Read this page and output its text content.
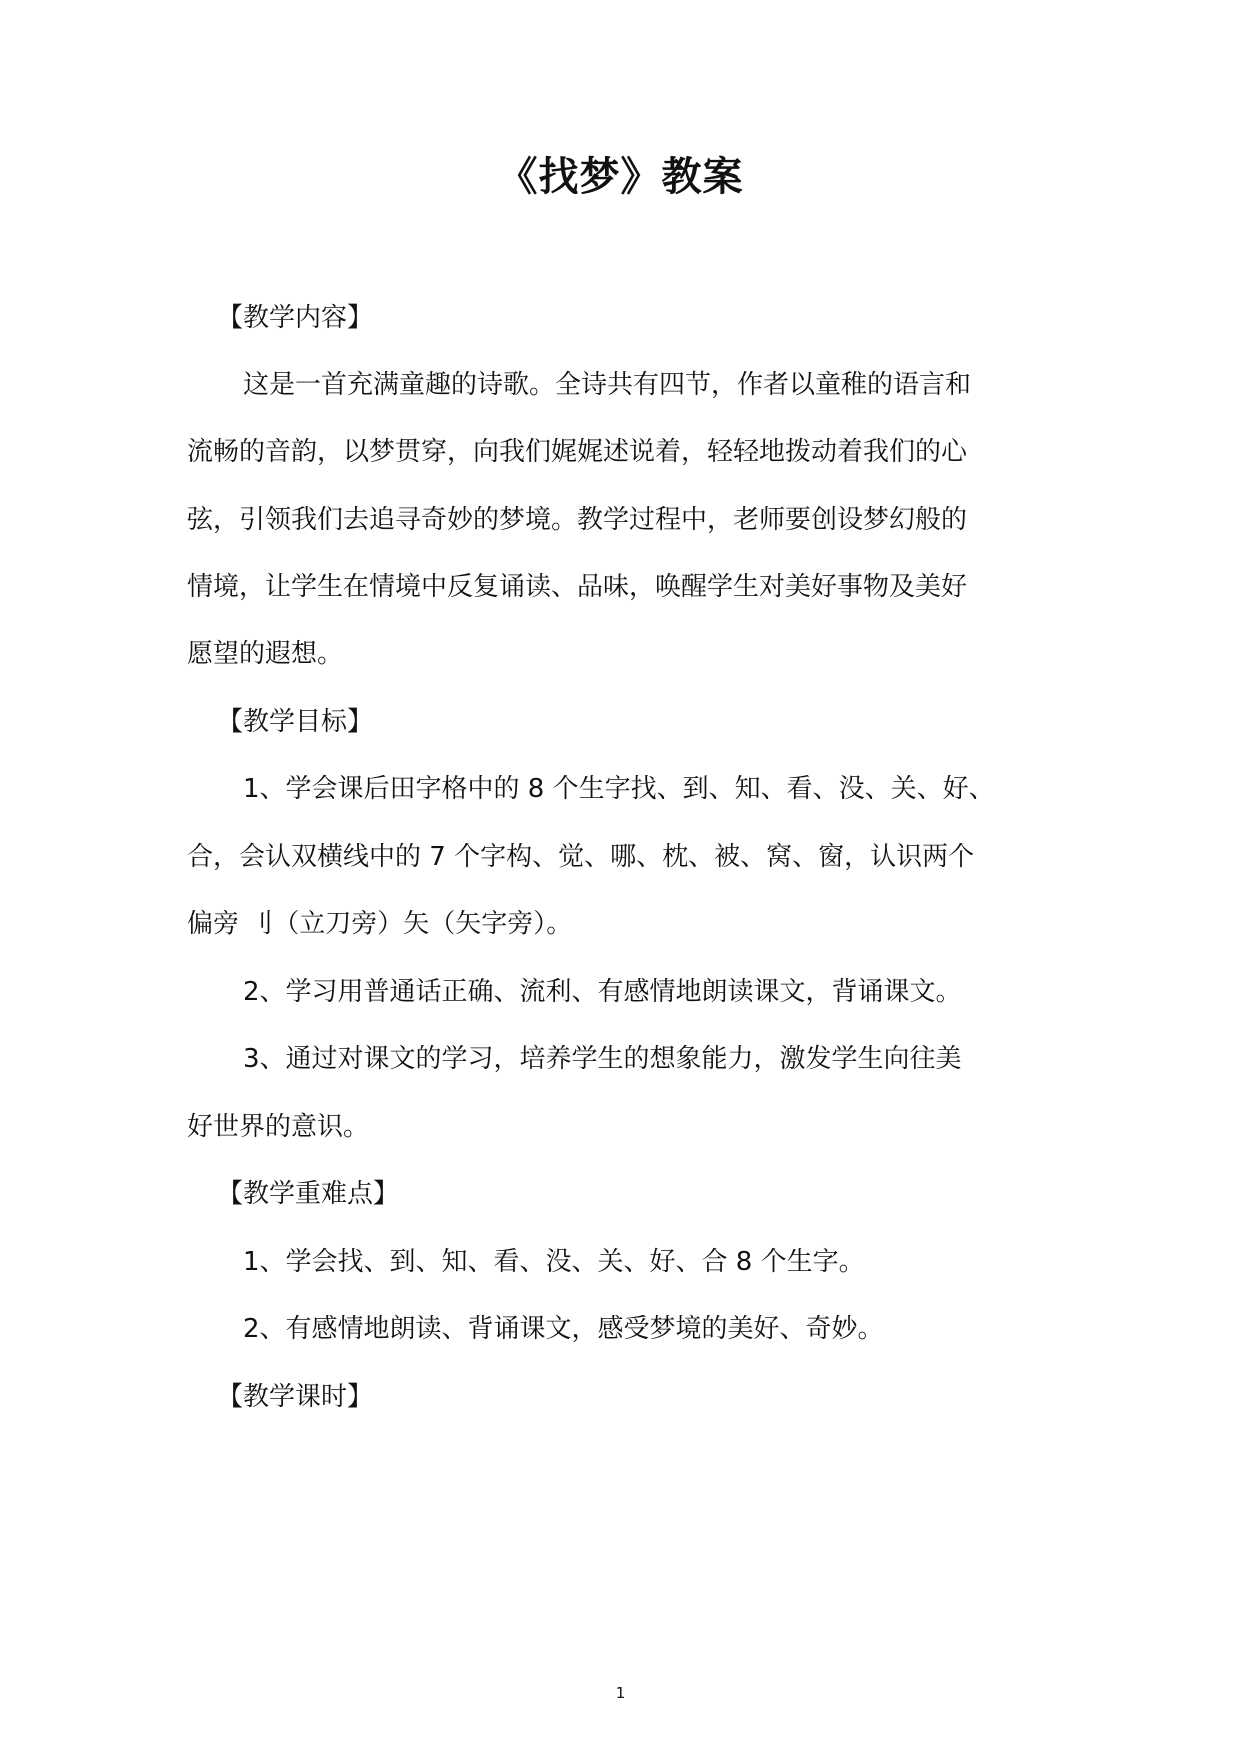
《找梦》教案
【教学内容】
这是一首充满童趣的诗歌。全诗共有四节，作者以童稚的语言和
流畅的音韵，以梦贯穿，向我们娓娓述说着，轻轻地拨动着我们的心
弦，引领我们去追寻奇妙的梦境。教学过程中，老师要创设梦幻般的
情境，让学生在情境中反复诵读、品味，唤醒学生对美好事物及美好
愿望的遐想。
【教学目标】
1、学会课后田字格中的 8 个生字找、到、知、看、没、关、好、
合，会认双横线中的 7 个字构、觉、哪、枕、被、窝、窗，认识两个
偏旁 刂（立刀旁）矢（矢字旁）。
2、学习用普通话正确、流利、有感情地朗读课文，背诵课文。
3、通过对课文的学习，培养学生的想象能力，激发学生向往美
好世界的意识。
【教学重难点】
1、学会找、到、知、看、没、关、好、合 8 个生字。
2、有感情地朗读、背诵课文，感受梦境的美好、奇妙。
【教学课时】
1
